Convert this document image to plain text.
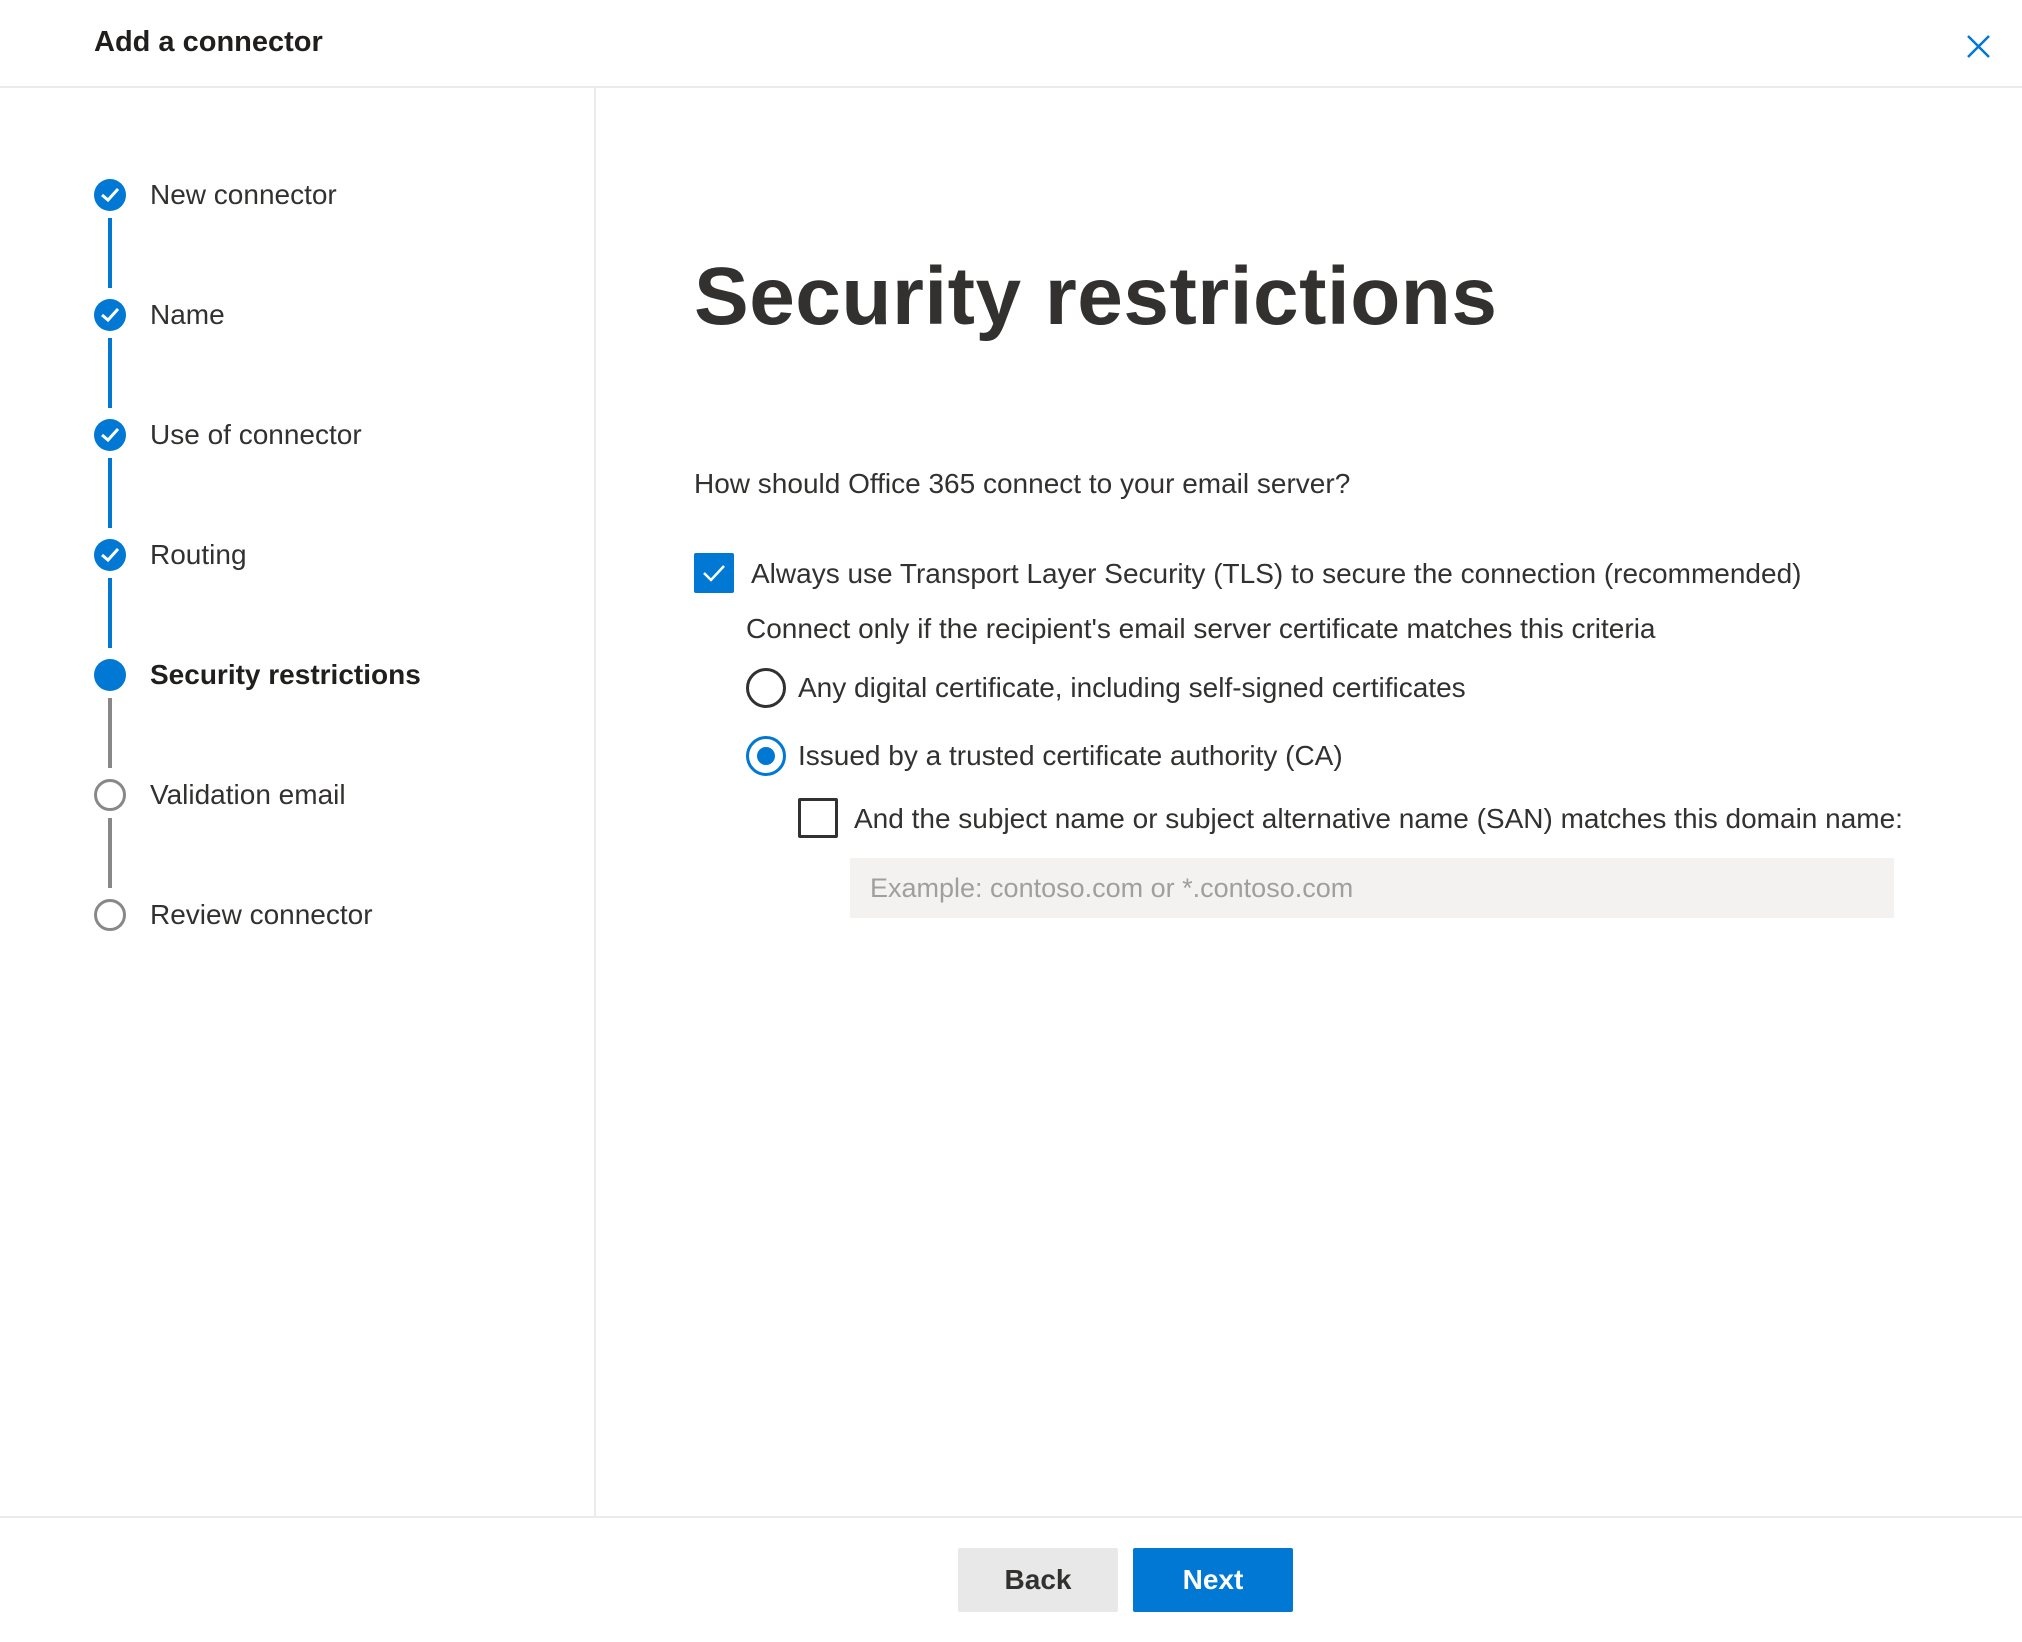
Add a connector
New connector
Name
Use of connector
Routing
Security restrictions
Validation email
Review connector
Security restrictions
How should Office 365 connect to your email server?
Always use Transport Layer Security (TLS) to secure the connection (recommended)
Connect only if the recipient's email server certificate matches this criteria
Any digital certificate, including self-signed certificates
Issued by a trusted certificate authority (CA)
And the subject name or subject alternative name (SAN) matches this domain name:
Example: contoso.com or *.contoso.com
Back	Next
